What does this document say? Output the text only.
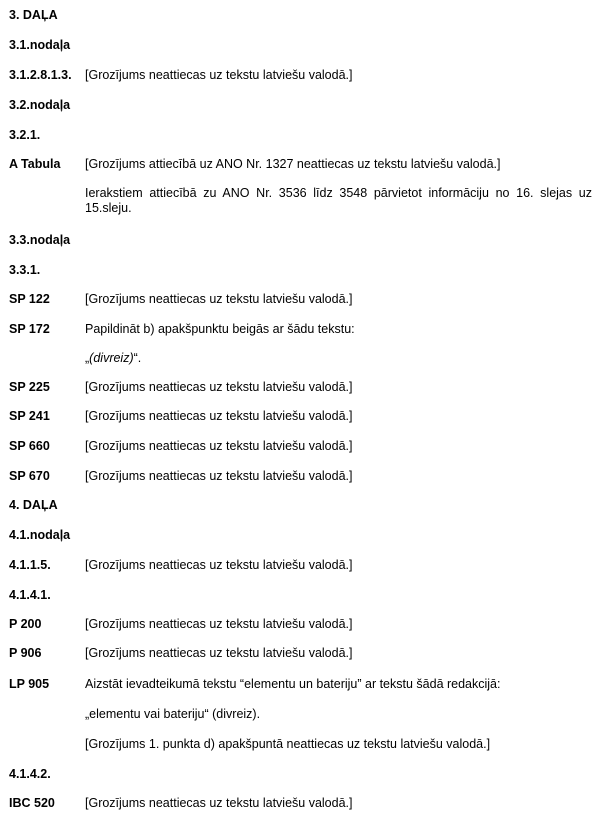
3. DAĻA
3.1.nodaļa
3.1.2.8.1.3. [Grozījums neattiecas uz tekstu latviešu valodā.]
3.2.nodaļa
3.2.1.
A Tabula [Grozījums attiecībā uz ANO Nr. 1327 neattiecas uz tekstu latviešu valodā.]
Ierakstiem attiecībā zu ANO Nr. 3536 līdz 3548 pārvietot informāciju no 16. slejas uz 15.sleju.
3.3.nodaļa
3.3.1.
SP 122	[Grozījums neattiecas uz tekstu latviešu valodā.]
SP 172	Papildināt b) apakšpunktu beigās ar šādu tekstu:
„(divreiz)“.
SP 225	[Grozījums neattiecas uz tekstu latviešu valodā.]
SP 241	[Grozījums neattiecas uz tekstu latviešu valodā.]
SP 660	[Grozījums neattiecas uz tekstu latviešu valodā.]
SP 670	[Grozījums neattiecas uz tekstu latviešu valodā.]
4. DAĻA
4.1.nodaļa
4.1.1.5.	[Grozījums neattiecas uz tekstu latviešu valodā.]
4.1.4.1.
P 200	[Grozījums neattiecas uz tekstu latviešu valodā.]
P 906	[Grozījums neattiecas uz tekstu latviešu valodā.]
LP 905	Aizstāt ievadteikumā tekstu “elementu un bateriju” ar tekstu šādā redakcijā:
„elementu vai bateriju“ (divreiz).
[Grozījums 1. punkta d) apakšpuntā neattiecas uz tekstu latviešu valodā.]
4.1.4.2.
IBC 520 [Grozījums neattiecas uz tekstu latviešu valodā.]
